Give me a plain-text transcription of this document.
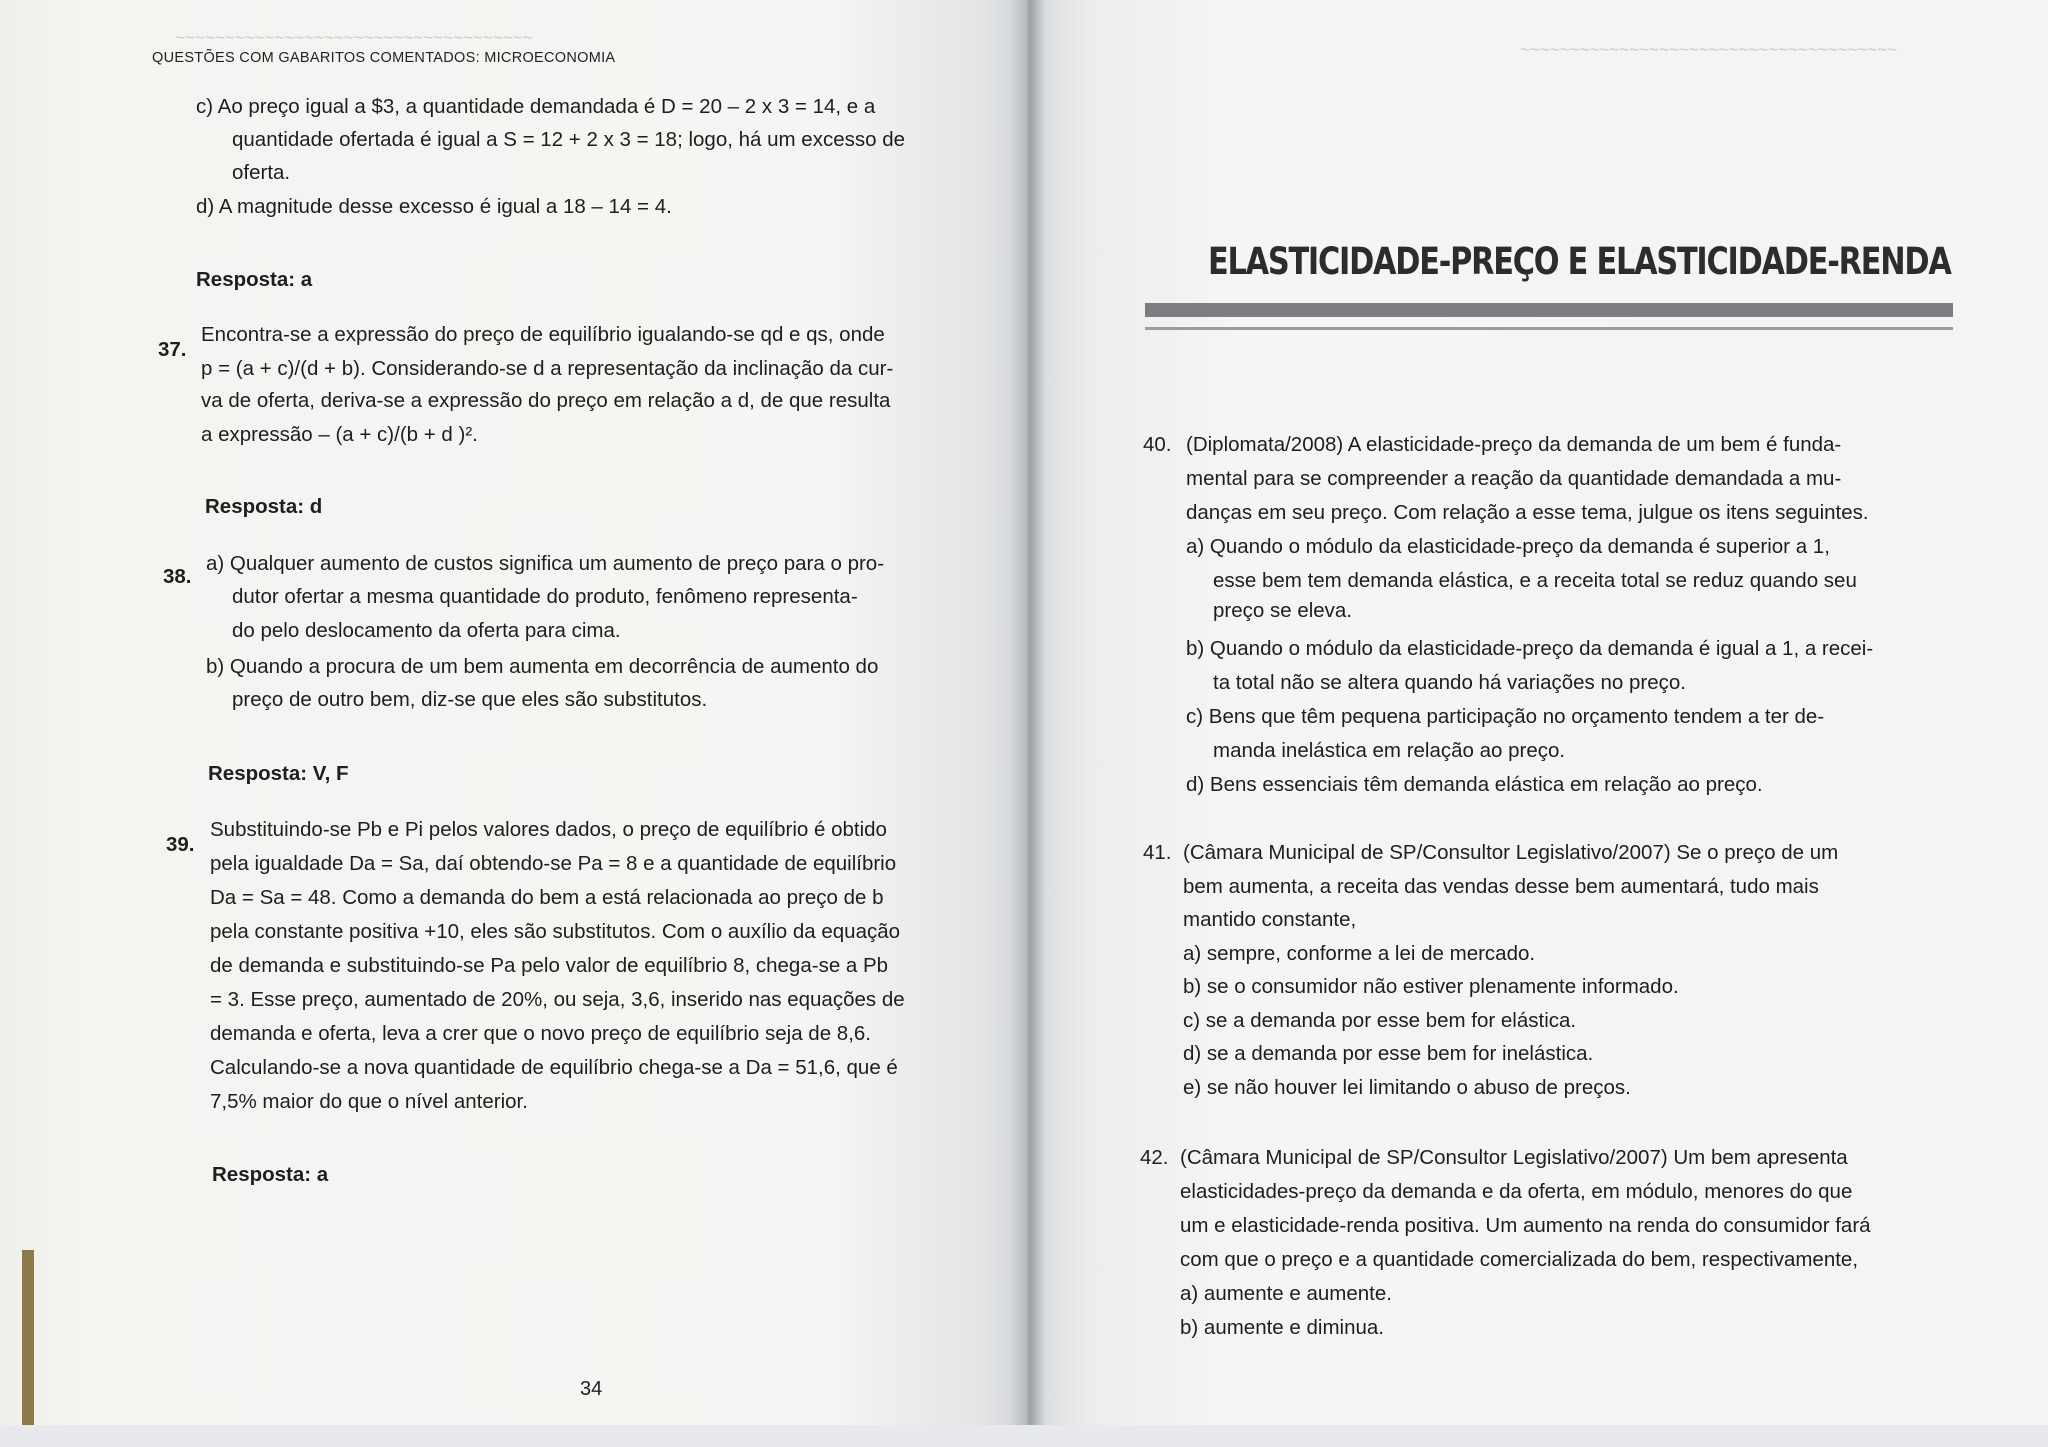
~~~~~~~~~~~~~~~~~~~~~~~~~~~~~~~~~~~~
~~~~~~~~~~~~~~~~~~~~~~~~~~~~~~~~~~~~~~
QUESTÕES COM GABARITOS COMENTADOS: MICROECONOMIA
c) Ao preço igual a $3, a quantidade demandada é D = 20 – 2 x 3 = 14, e a
quantidade ofertada é igual a S = 12 + 2 x 3 = 18; logo, há um excesso de
oferta.
d) A magnitude desse excesso é igual a 18 – 14 = 4.
Resposta: a
37.
Encontra-se a expressão do preço de equilíbrio igualando-se qd e qs, onde
p = (a + c)/(d + b). Considerando-se d a representação da inclinação da cur-
va de oferta, deriva-se a expressão do preço em relação a d, de que resulta
a expressão – (a + c)/(b + d )².
Resposta: d
38.
a) Qualquer aumento de custos significa um aumento de preço para o pro-
dutor ofertar a mesma quantidade do produto, fenômeno representa-
do pelo deslocamento da oferta para cima.
b) Quando a procura de um bem aumenta em decorrência de aumento do
preço de outro bem, diz-se que eles são substitutos.
Resposta: V, F
39.
Substituindo-se Pb e Pi pelos valores dados, o preço de equilíbrio é obtido
pela igualdade Da = Sa, daí obtendo-se Pa = 8 e a quantidade de equilíbrio
Da = Sa = 48. Como a demanda do bem a está relacionada ao preço de b
pela constante positiva +10, eles são substitutos. Com o auxílio da equação
de demanda e substituindo-se Pa pelo valor de equilíbrio 8, chega-se a Pb
= 3. Esse preço, aumentado de 20%, ou seja, 3,6, inserido nas equações de
demanda e oferta, leva a crer que o novo preço de equilíbrio seja de 8,6.
Calculando-se a nova quantidade de equilíbrio chega-se a Da = 51,6, que é
7,5% maior do que o nível anterior.
Resposta: a
34
ELASTICIDADE-PREÇO E ELASTICIDADE-RENDA
40. (Diplomata/2008) A elasticidade-preço da demanda de um bem é funda-
mental para se compreender a reação da quantidade demandada a mu-
danças em seu preço. Com relação a esse tema, julgue os itens seguintes.
a) Quando o módulo da elasticidade-preço da demanda é superior a 1,
esse bem tem demanda elástica, e a receita total se reduz quando seu
preço se eleva.
b) Quando o módulo da elasticidade-preço da demanda é igual a 1, a recei-
ta total não se altera quando há variações no preço.
c) Bens que têm pequena participação no orçamento tendem a ter de-
manda inelástica em relação ao preço.
d) Bens essenciais têm demanda elástica em relação ao preço.
41. (Câmara Municipal de SP/Consultor Legislativo/2007) Se o preço de um
bem aumenta, a receita das vendas desse bem aumentará, tudo mais
mantido constante,
a) sempre, conforme a lei de mercado.
b) se o consumidor não estiver plenamente informado.
c) se a demanda por esse bem for elástica.
d) se a demanda por esse bem for inelástica.
e) se não houver lei limitando o abuso de preços.
42. (Câmara Municipal de SP/Consultor Legislativo/2007) Um bem apresenta
elasticidades-preço da demanda e da oferta, em módulo, menores do que
um e elasticidade-renda positiva. Um aumento na renda do consumidor fará
com que o preço e a quantidade comercializada do bem, respectivamente,
a) aumente e aumente.
b) aumente e diminua.
